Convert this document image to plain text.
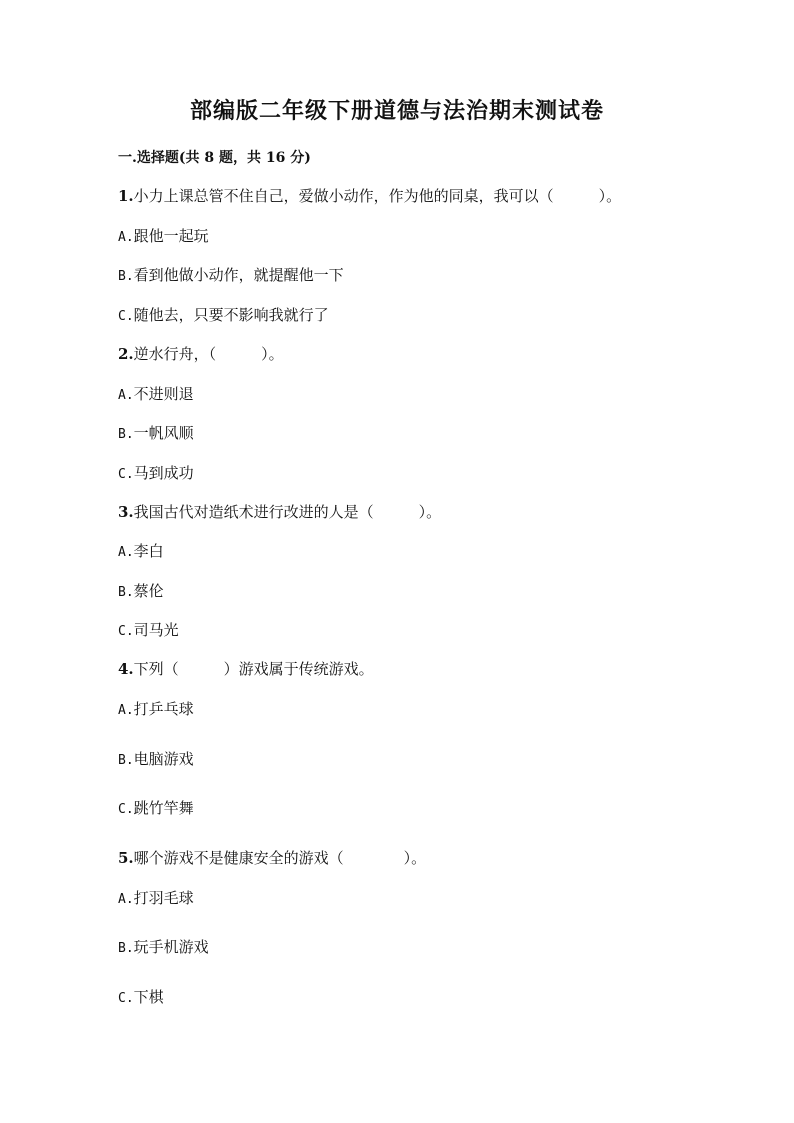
部编版二年级下册道德与法治期末测试卷
一.选择题(共 8 题，共 16 分)
1.小力上课总管不住自己，爱做小动作，作为他的同桌，我可以（　　　）。
A.跟他一起玩
B.看到他做小动作，就提醒他一下
C.随他去，只要不影响我就行了
2.逆水行舟，（　　　）。
A.不进则退
B.一帆风顺
C.马到成功
3.我国古代对造纸术进行改进的人是（　　　）。
A.李白
B.蔡伦
C.司马光
4.下列（　　　）游戏属于传统游戏。
A.打乒乓球
B.电脑游戏
C.跳竹竿舞
5.哪个游戏不是健康安全的游戏（　　　　）。
A.打羽毛球
B.玩手机游戏
C.下棋
